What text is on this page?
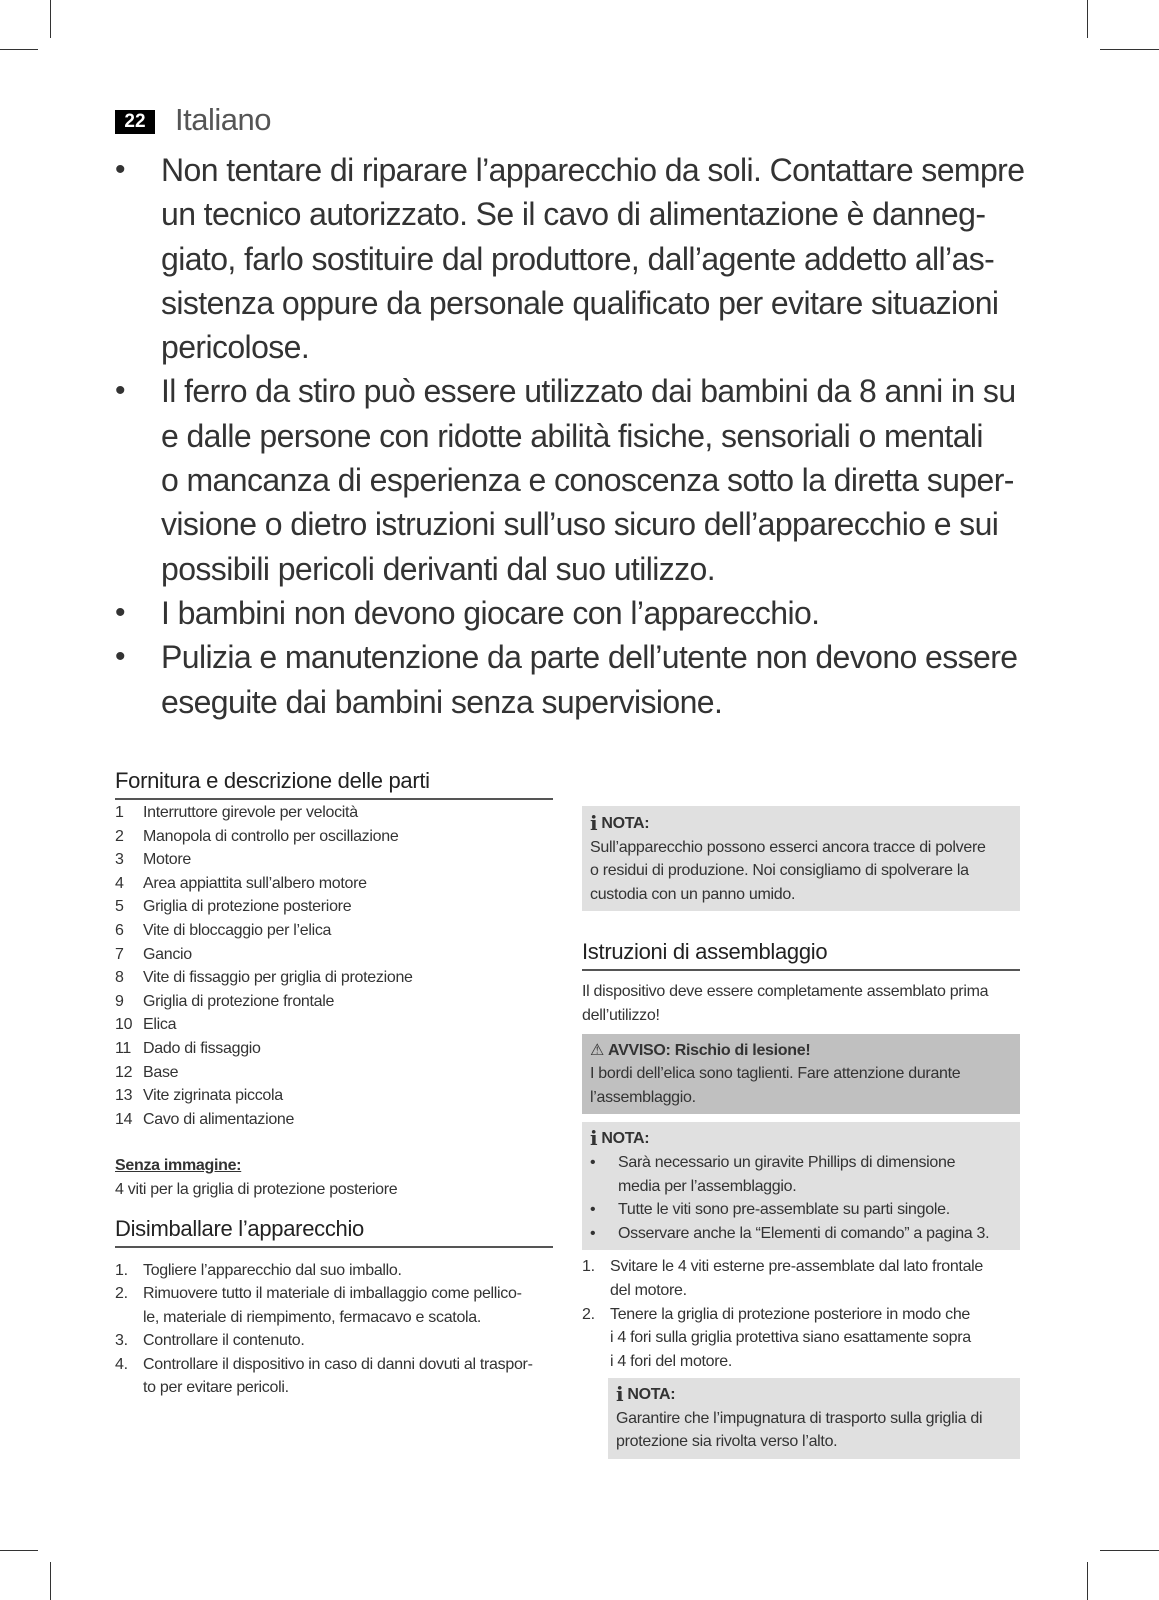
22 Italiano
• Non tentare di riparare l’apparecchio da soli. Contattare sempre
un tecnico autorizzato. Se il cavo di alimentazione è danneg-
giato, farlo sostituire dal produttore, dall’agente addetto all’as-
sistenza oppure da personale qualificato per evitare situazioni
pericolose.
• Il ferro da stiro può essere utilizzato dai bambini da 8 anni in su
e dalle persone con ridotte abilità fisiche, sensoriali o mentali
o mancanza di esperienza e conoscenza sotto la diretta super-
visione o dietro istruzioni sull’uso sicuro dell’apparecchio e sui
possibili pericoli derivanti dal suo utilizzo.
• I bambini non devono giocare con l’apparecchio.
• Pulizia e manutenzione da parte dell’utente non devono essere
eseguite dai bambini senza supervisione.
Fornitura e descrizione delle parti
1 Interruttore girevole per velocità
2 Manopola di controllo per oscillazione
3 Motore
4 Area appiattita sull’albero motore
5 Griglia di protezione posteriore
6 Vite di bloccaggio per l’elica
7 Gancio
8 Vite di fissaggio per griglia di protezione
9 Griglia di protezione frontale
10 Elica
11 Dado di fissaggio
12 Base
13 Vite zigrinata piccola
14 Cavo di alimentazione
Senza immagine:
4 viti per la griglia di protezione posteriore
Disimballare l’apparecchio
1. Togliere l’apparecchio dal suo imballo.
2. Rimuovere tutto il materiale di imballaggio come pellico-
le, materiale di riempimento, fermacavo e scatola.
3. Controllare il contenuto.
4. Controllare il dispositivo in caso di danni dovuti al traspor-
to per evitare pericoli.
i NOTA:
Sull’apparecchio possono esserci ancora tracce di polvere
o residui di produzione. Noi consigliamo di spolverare la
custodia con un panno umido.
Istruzioni di assemblaggio
Il dispositivo deve essere completamente assemblato prima
dell’utilizzo!
⚠ AVVISO: Rischio di lesione!
I bordi dell’elica sono taglienti. Fare attenzione durante
l’assemblaggio.
i NOTA:
• Sarà necessario un giravite Phillips di dimensione
media per l’assemblaggio.
• Tutte le viti sono pre-assemblate su parti singole.
• Osservare anche la “Elementi di comando” a pagina 3.
1. Svitare le 4 viti esterne pre-assemblate dal lato frontale
del motore.
2. Tenere la griglia di protezione posteriore in modo che
i 4 fori sulla griglia protettiva siano esattamente sopra
i 4 fori del motore.
i NOTA:
Garantire che l’impugnatura di trasporto sulla griglia di
protezione sia rivolta verso l’alto.
